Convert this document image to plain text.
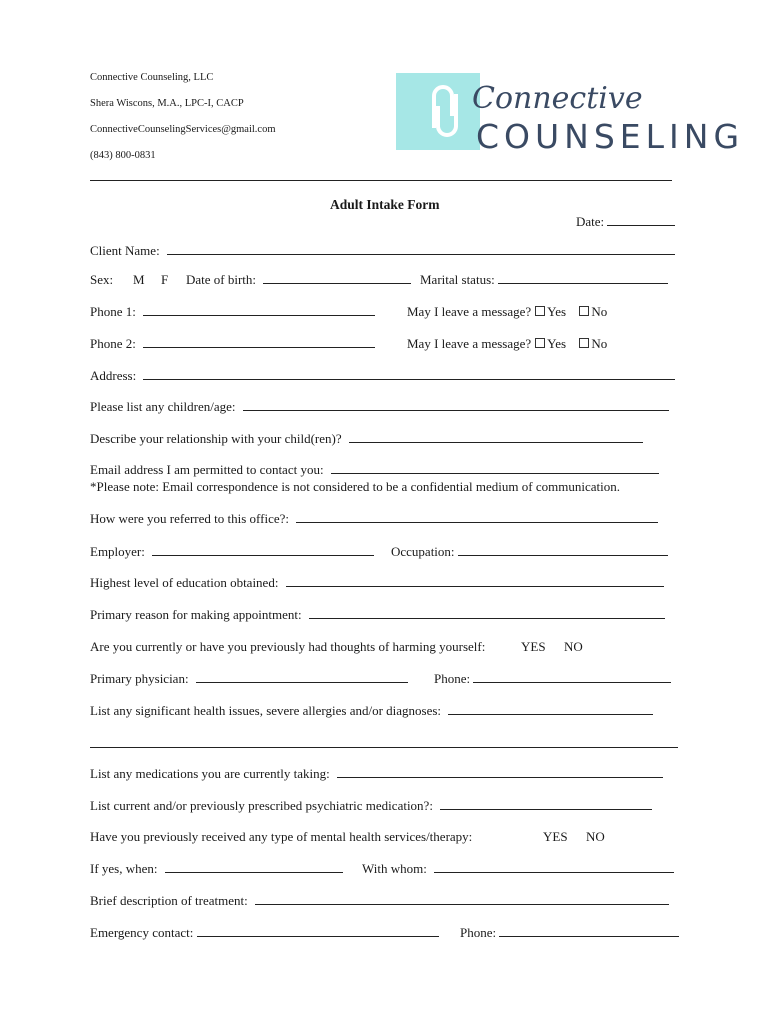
Connective Counseling, LLC
Shera Wiscons, M.A., LPC-I, CACP
ConnectiveCounselingServices@gmail.com
(843) 800-0831
Connective
COUNSELING
Adult Intake Form
Date:
Client Name:
Sex: M F Date of birth:	Marital status:
Phone 1:	May I leave a message? Yes No
Phone 2:	May I leave a message? Yes No
Address:
Please list any children/age:
Describe your relationship with your child(ren)?
Email address I am permitted to contact you:
*Please note: Email correspondence is not considered to be a confidential medium of communication.
How were you referred to this office?:
Employer:	Occupation:
Highest level of education obtained:
Primary reason for making appointment:
Are you currently or have you previously had thoughts of harming yourself:	YES NO
Primary physician:	Phone:
List any significant health issues, severe allergies and/or diagnoses:
List any medications you are currently taking:
List current and/or previously prescribed psychiatric medication?:
Have you previously received any type of mental health services/therapy:	YES NO
If yes, when:	With whom:
Brief description of treatment:
Emergency contact:	Phone:
